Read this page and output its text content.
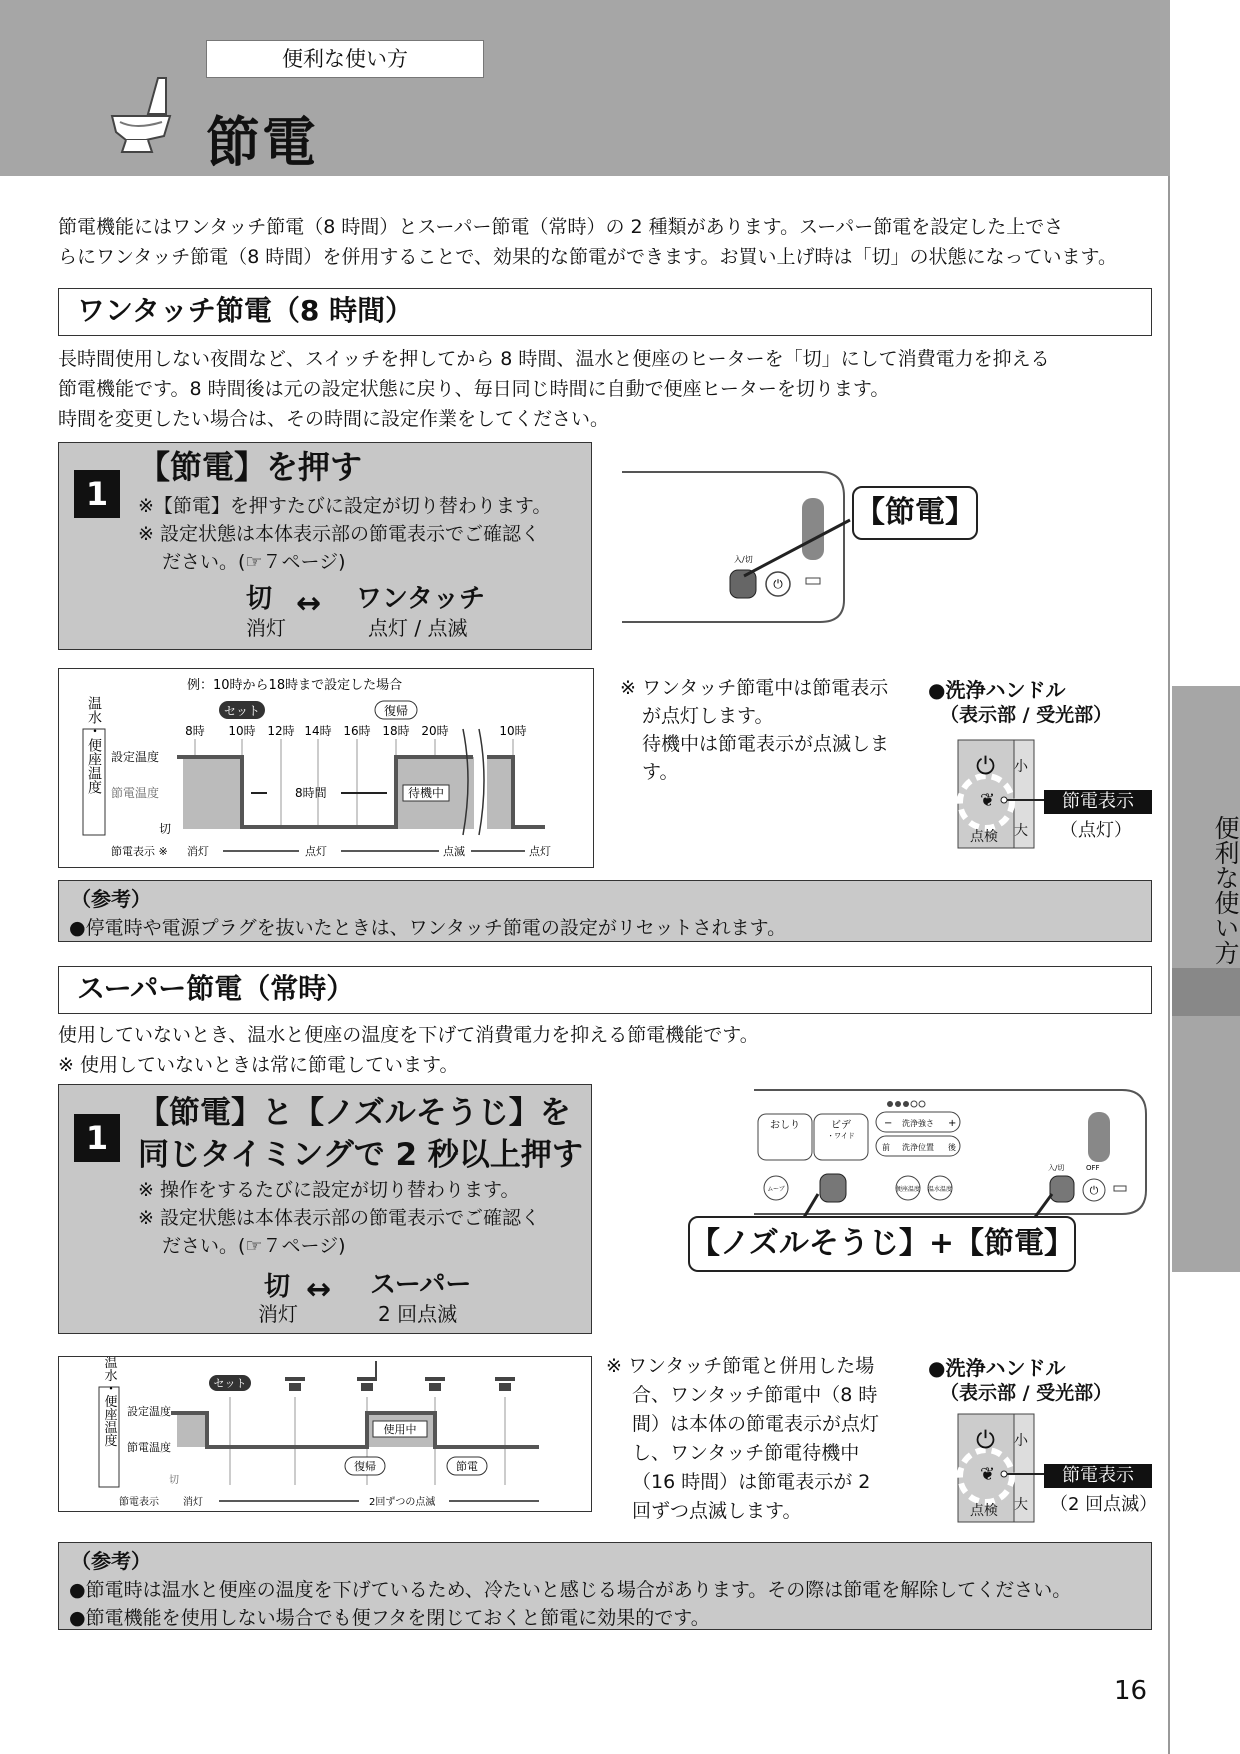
便利な使い方
節電
便利な使い方
節電機能にはワンタッチ節電（8 時間）とスーパー節電（常時）の 2 種類があります。スーパー節電を設定した上でさ
らにワンタッチ節電（8 時間）を併用することで、効果的な節電ができます。お買い上げ時は「切」の状態になっています。
ワンタッチ節電（8 時間）
長時間使用しない夜間など、スイッチを押してから 8 時間、温水と便座のヒーターを「切」にして消費電力を抑える
節電機能です。8 時間後は元の設定状態に戻り、毎日同じ時間に自動で便座ヒーターを切ります。
時間を変更したい場合は、その時間に設定作業をしてください。
1
【節電】を押す
※【節電】を押すたびに設定が切り替わります。
※ 設定状態は本体表示部の節電表示でご確認く
ださい。(☞７ページ)
切
消灯
↔ ワンタッチ
点灯 / 点滅
⏻
入/切
【節電】
例：10時から18時まで設定した場合
セット	復帰
8時 10時 12時 14時 16時 18時 20時	10時
温水・便座温度 設定温度
節電温度
切
8時間	待機中
節電表示 ※ 消灯	点灯	点滅	点灯
※ ワンタッチ節電中は節電表示
が点灯します。
待機中は節電表示が点滅しま
す。
●洗浄ハンドル
（表示部 / 受光部）
⏻ 小
大
点検
❦	節電表示
（点灯）
（参考）
●停電時や電源プラグを抜いたときは、ワンタッチ節電の設定がリセットされます。
スーパー節電（常時）
使用していないとき、温水と便座の温度を下げて消費電力を抑える節電機能です。
※ 使用していないときは常に節電しています。
1
【節電】と【ノズルそうじ】を
同じタイミングで 2 秒以上押す
※ 操作をするたびに設定が切り替わります。
※ 設定状態は本体表示部の節電表示でご確認く
ださい。(☞７ページ)
切
消灯
↔ スーパー
2 回点滅
おしり	ビデ
・ワイド
洗浄強さ
洗浄位置
−	+
前	後
ムーブ	便座温度 温水温度	⏻
入/切	OFF
【ノズルそうじ】+【節電】
セット
温水・便座温度 設定温度
節電温度
切
使用中
復帰	節電
節電表示 消灯	2回ずつの点滅
※ ワンタッチ節電と併用した場
合、ワンタッチ節電中（8 時
間）は本体の節電表示が点灯
し、ワンタッチ節電待機中
（16 時間）は節電表示が 2
回ずつ点滅します。
●洗浄ハンドル
（表示部 / 受光部）
⏻ 小
大
点検
❦	節電表示
（2 回点滅）
（参考）
●節電時は温水と便座の温度を下げているため、冷たいと感じる場合があります。その際は節電を解除してください。
●節電機能を使用しない場合でも便フタを閉じておくと節電に効果的です。
16
